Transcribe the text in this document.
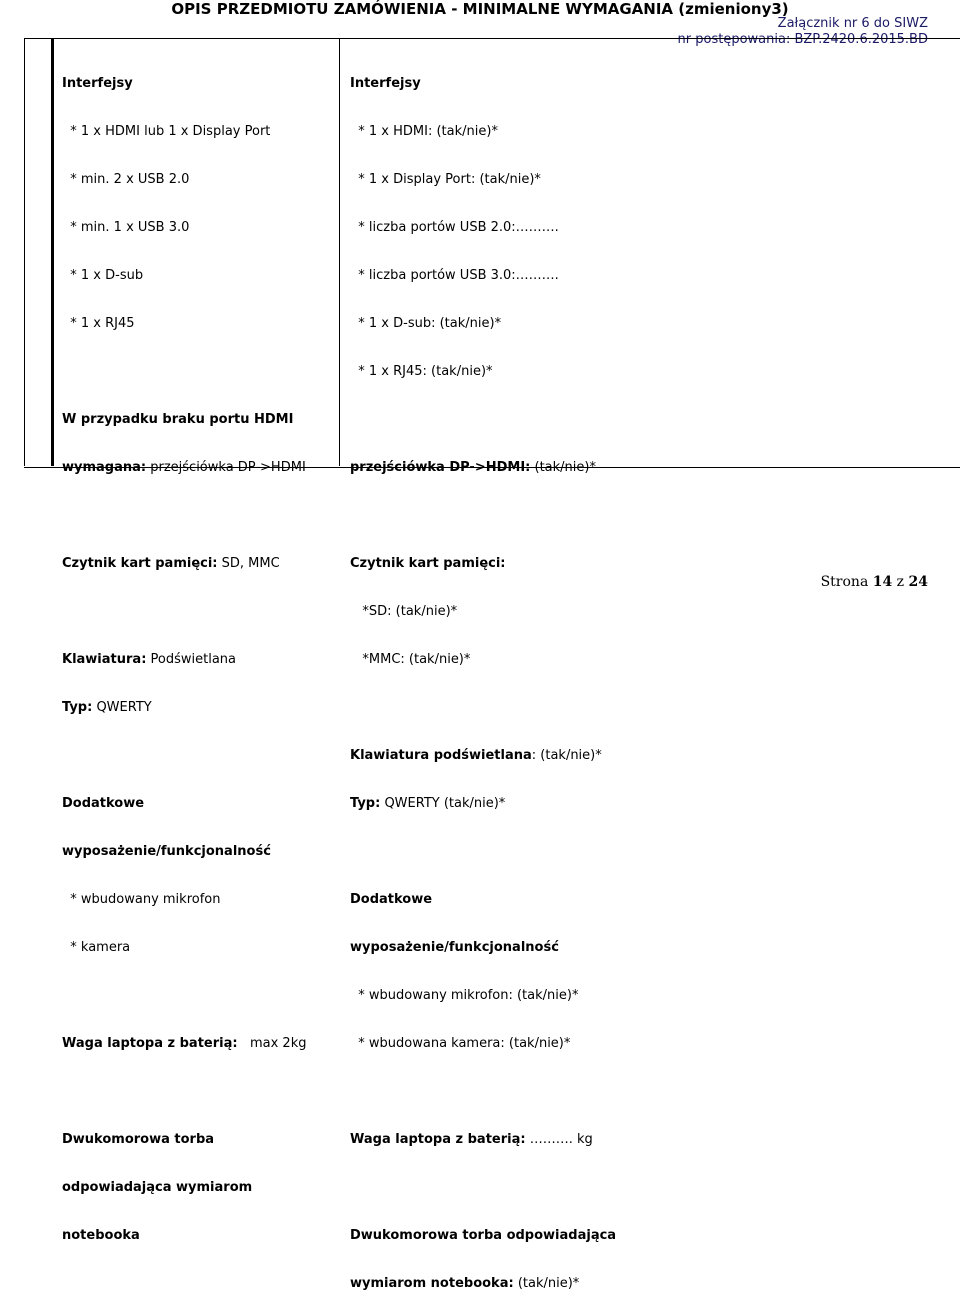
OPIS PRZEDMIOTU ZAMÓWIENIA - MINIMALNE WYMAGANIA (zmieniony3)
Załącznik nr 6 do SIWZ
nr postępowania: BZP.2420.6.2015.BD

Interfejsy

* 1 x HDMI lub 1 x Display Port

* min. 2 x USB 2.0

* min. 1 x USB 3.0

* 1 x D-sub

* 1 x RJ45

W przypadku braku portu HDMI

wymagana: przejściówka DP->HDMI

Czytnik kart pamięci: SD, MMC

Klawiatura: Podświetlana

Typ: QWERTY

Dodatkowe

wyposażenie/funkcjonalność

* wbudowany mikrofon

* kamera

Waga laptopa z baterią:   max 2kg

Dwukomorowa torba

odpowiadająca wymiarom

notebooka

Interfejsy

* 1 x HDMI: (tak/nie)*

* 1 x Display Port: (tak/nie)*

* liczba portów USB 2.0:……….

* liczba portów USB 3.0:……….

* 1 x D-sub: (tak/nie)*

* 1 x RJ45: (tak/nie)*

przejściówka DP->HDMI: (tak/nie)*

Czytnik kart pamięci:

*SD: (tak/nie)*

*MMC: (tak/nie)*

Klawiatura podświetlana: (tak/nie)*

Typ: QWERTY (tak/nie)*

Dodatkowe

wyposażenie/funkcjonalność

* wbudowany mikrofon: (tak/nie)*

* wbudowana kamera: (tak/nie)*

Waga laptopa z baterią: ………. kg

Dwukomorowa torba odpowiadająca

wymiarom notebooka: (tak/nie)*

Strona 14 z 24
